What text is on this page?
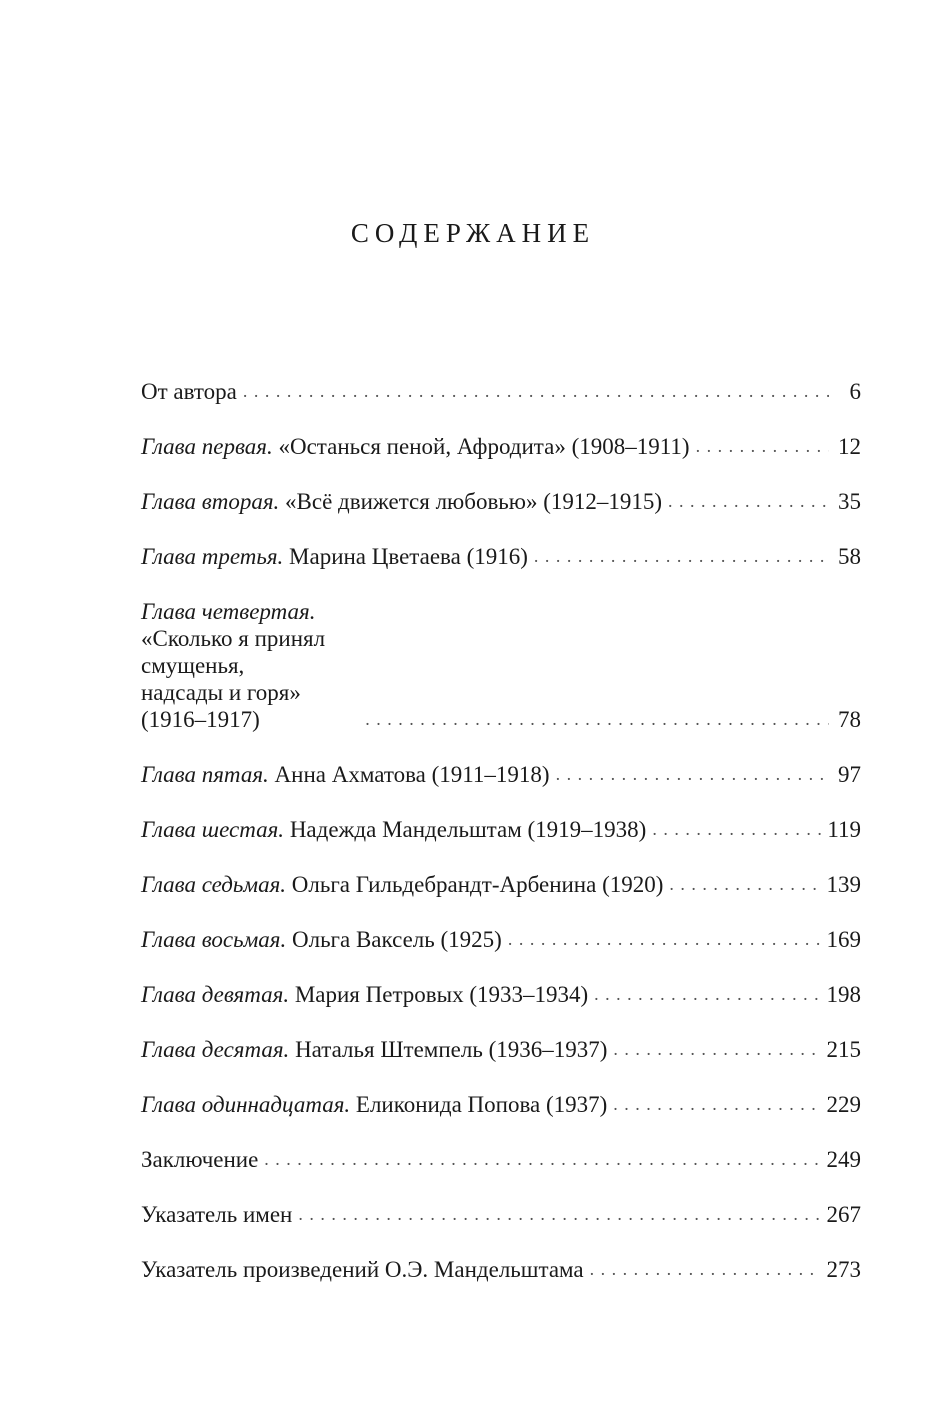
СОДЕРЖАНИЕ
От автора . . .	6
Глава первая. «Останься пеной, Афродита» (1908–1911) . . .	12
Глава вторая. «Всё движется любовью» (1912–1915) . . .	35
Глава третья. Марина Цветаева (1916) . . .	58
Глава четвертая. «Сколько я принял смущенья,
надсады и горя» (1916–1917) . . .	78
Глава пятая. Анна Ахматова (1911–1918) . . .	97
Глава шестая. Надежда Мандельштам (1919–1938) . . .	119
Глава седьмая. Ольга Гильдебрандт-Арбенина (1920) . . .	139
Глава восьмая. Ольга Ваксель (1925) . . .	169
Глава девятая. Мария Петровых (1933–1934) . . .	198
Глава десятая. Наталья Штемпель (1936–1937) . . .	215
Глава одиннадцатая. Еликонида Попова (1937) . . .	229
Заключение . . .	249
Указатель имен . . .	267
Указатель произведений О.Э. Мандельштама . . .	273
